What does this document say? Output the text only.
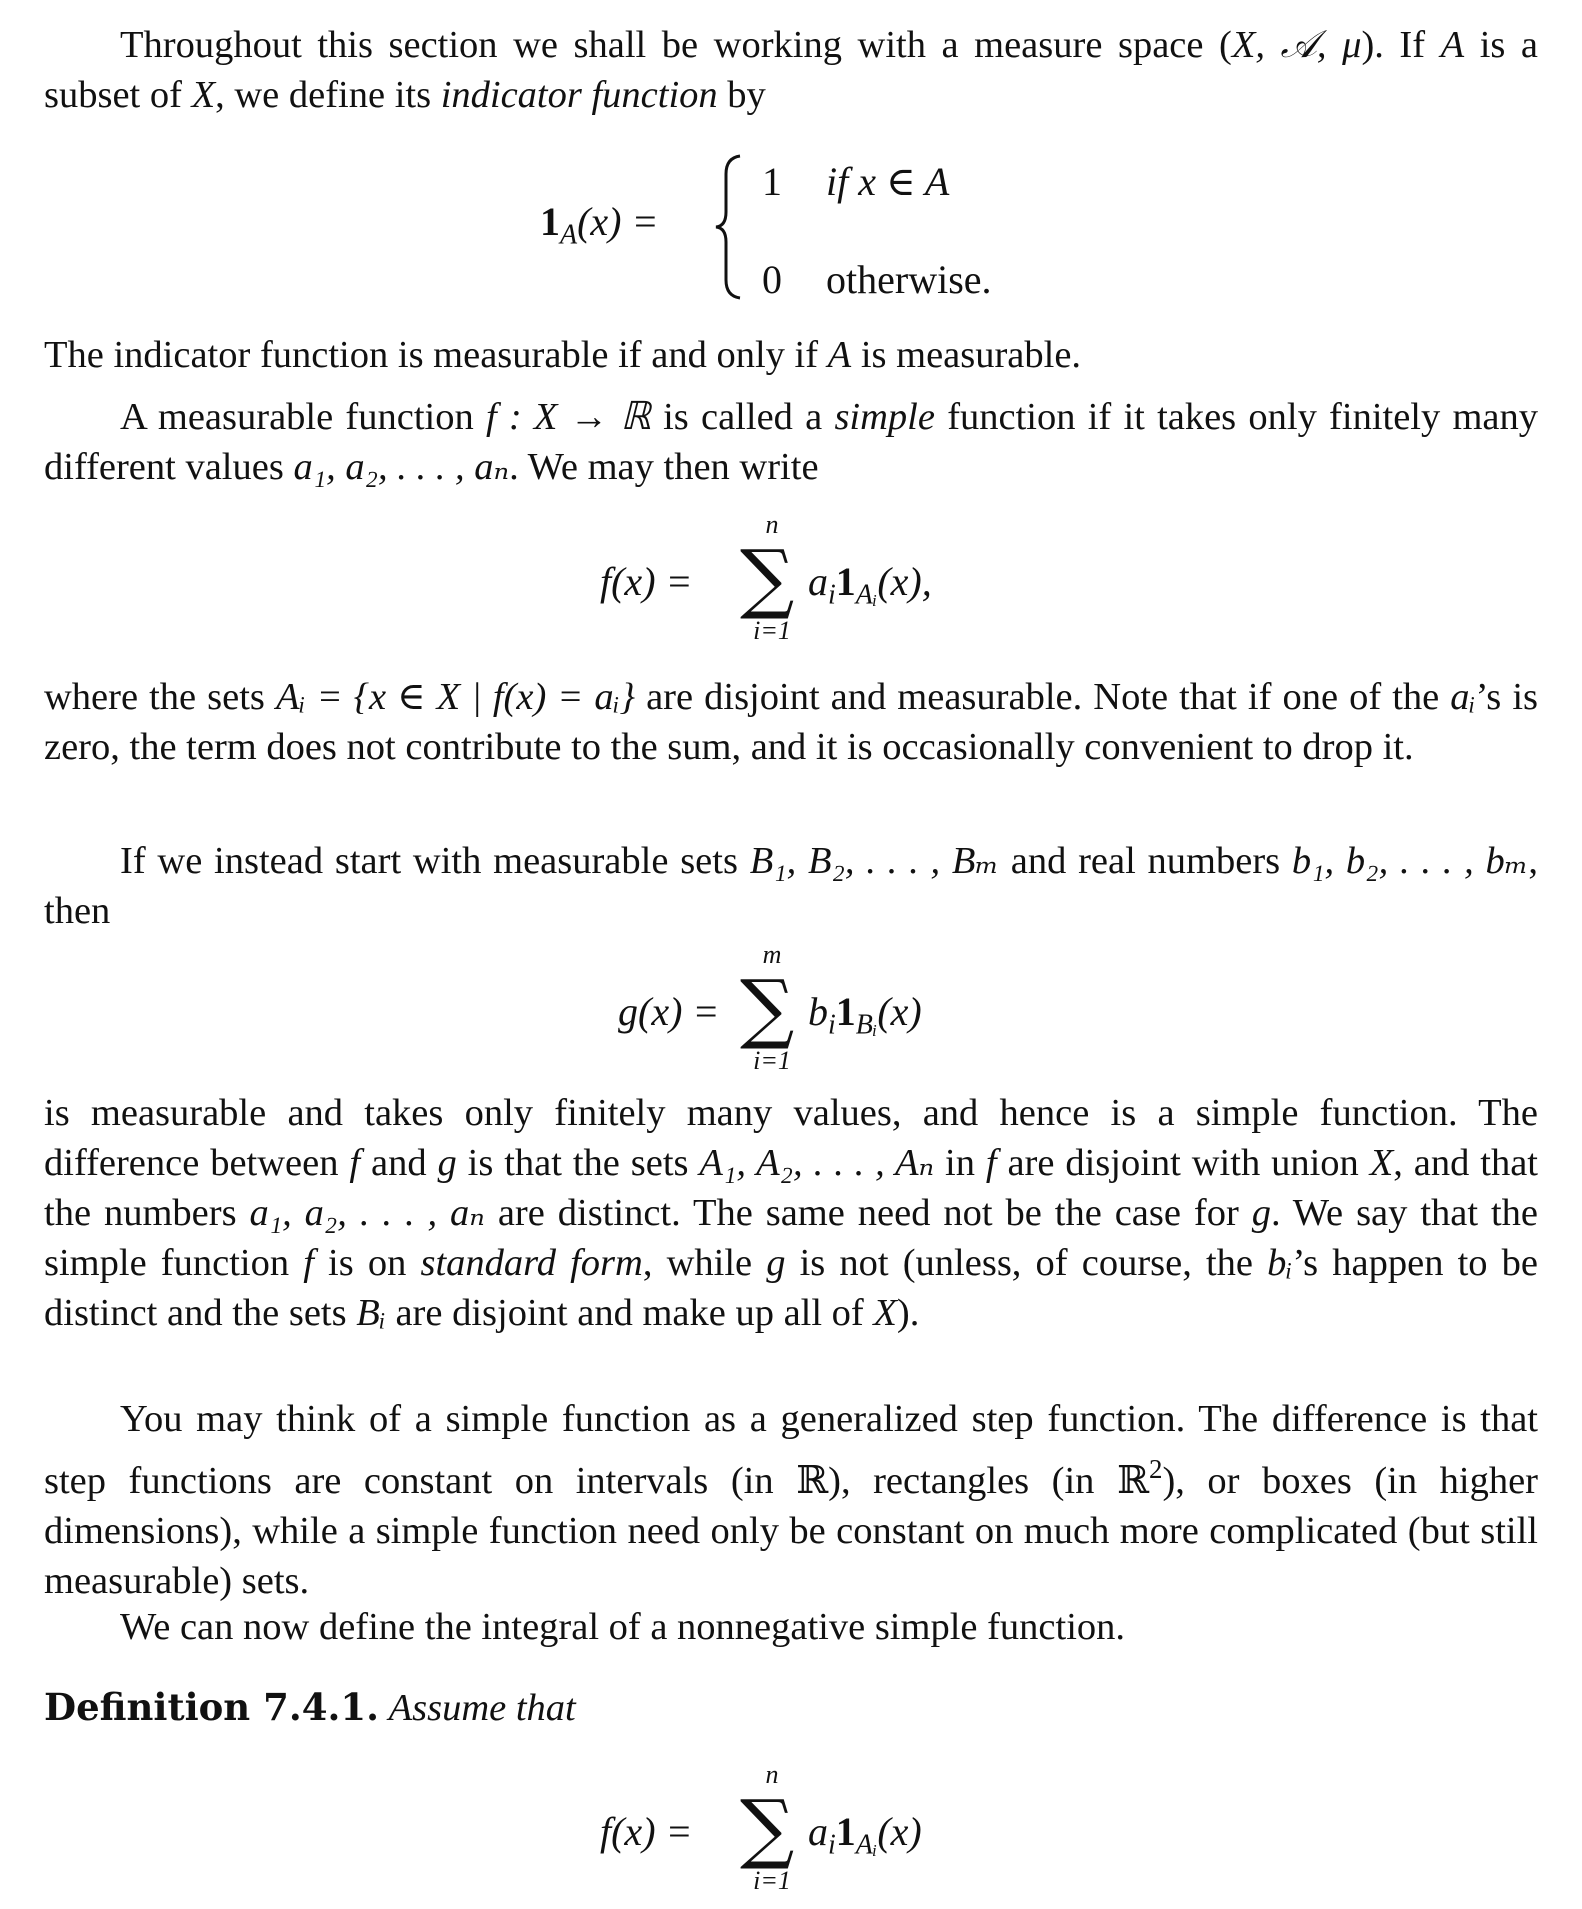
Throughout this section we shall be working with a measure space (X, 𝒜, μ). If A is a subset of X, we define its indicator function by

$1_A(x)$ =
1 if x ∈ A
0 otherwise.

The indicator function is measurable if and only if A is measurable.

A measurable function f : X → ℝ is called a simple function if it takes only finitely many different values a₁, a₂, . . . , aₙ. We may then write

f(x) =
n
∑
i=1
$a_i1_{Aᵢ}(x)$,

where the sets Aᵢ = {x ∈ X | f(x) = aᵢ} are disjoint and measurable. Note that if one of the aᵢ’s is zero, the term does not contribute to the sum, and it is occasionally convenient to drop it.

If we instead start with measurable sets B₁, B₂, . . . , Bₘ and real numbers b₁, b₂, . . . , bₘ, then

g(x) =
m
∑
i=1
$b_i1_{Bᵢ}(x)$

is measurable and takes only finitely many values, and hence is a simple function. The difference between f and g is that the sets A₁, A₂, . . . , Aₙ in f are disjoint with union X, and that the numbers a₁, a₂, . . . , aₙ are distinct. The same need not be the case for g. We say that the simple function f is on standard form, while g is not (unless, of course, the bᵢ’s happen to be distinct and the sets Bᵢ are disjoint and make up all of X).

You may think of a simple function as a generalized step function. The difference is that step functions are constant on intervals (in ℝ), rectangles (in ℝ$^2$), or boxes (in higher dimensions), while a simple function need only be constant on much more complicated (but still measurable) sets.

We can now define the integral of a nonnegative simple function.

Definition 7.4.1. Assume that

f(x) =
n
∑
i=1
$a_i1_{Aᵢ}(x)$
